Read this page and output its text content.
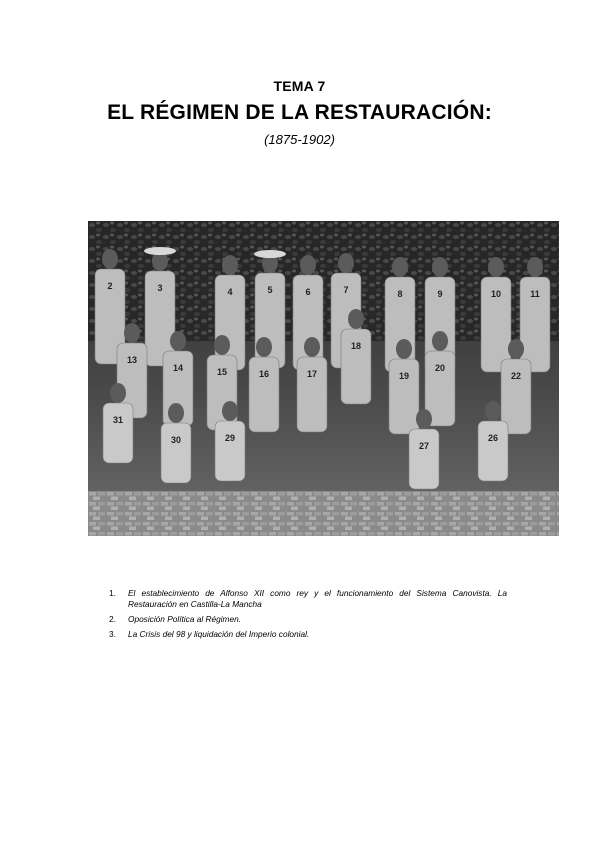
TEMA 7
EL RÉGIMEN DE LA RESTAURACIÓN:
(1875-1902)
2	3	4	5	6	7	8	9	10	11
13
14	15	16	17
18
19
20
22
26
27
29
30
31
1. El establecimiento de Alfonso XII como rey y el funcionamiento del Sistema Canovista. La Restauración en Castilla-La Mancha
2. Oposición Política al Régimen.
3. La Crisis del 98 y liquidación del Imperio colonial.
